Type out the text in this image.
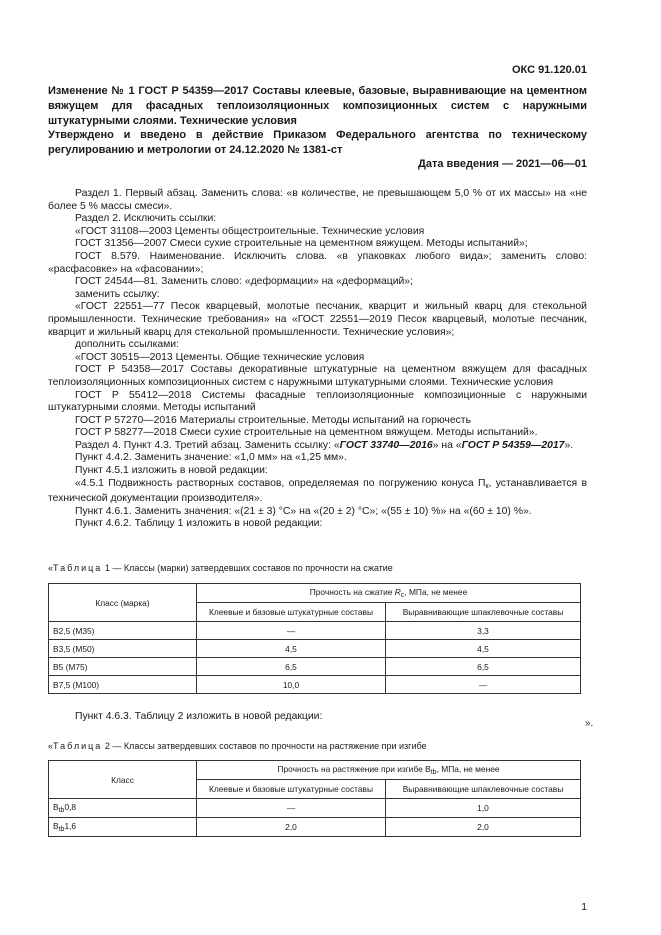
ОКС 91.120.01
Изменение № 1 ГОСТ Р 54359—2017 Составы клеевые, базовые, выравнивающие на цементном вяжущем для фасадных теплоизоляционных композиционных систем с наружными штукатурными слоями. Технические условия
Утверждено и введено в действие Приказом Федерального агентства по техническому регулированию и метрологии от 24.12.2020 № 1381-ст
Дата введения — 2021—06—01

Раздел 1. Первый абзац. Заменить слова: «в количестве, не превышающем 5,0 % от их массы» на «не более 5 % массы смеси».

Раздел 2. Исключить ссылки:

«ГОСТ 31108—2003 Цементы общестроительные. Технические условия

ГОСТ 31356—2007 Смеси сухие строительные на цементном вяжущем. Методы испытаний»;

ГОСТ 8.579. Наименование. Исключить слова. «в упаковках любого вида»; заменить слово: «расфасовке» на «фасовании»;

ГОСТ 24544—81. Заменить слово: «деформации» на «деформаций»;

заменить ссылку:

«ГОСТ 22551—77 Песок кварцевый, молотые песчаник, кварцит и жильный кварц для стекольной промышленности. Технические требования» на «ГОСТ 22551—2019 Песок кварцевый, молотые песчаник, кварцит и жильный кварц для стекольной промышленности. Технические условия»;

дополнить ссылками:

«ГОСТ 30515—2013 Цементы. Общие технические условия

ГОСТ Р 54358—2017 Составы декоративные штукатурные на цементном вяжущем для фасадных теплоизоляционных композиционных систем с наружными штукатурными слоями. Технические условия

ГОСТ Р 55412—2018 Системы фасадные теплоизоляционные композиционные с наружными штукатурными слоями. Методы испытаний

ГОСТ Р 57270—2016 Материалы строительные. Методы испытаний на горючесть

ГОСТ Р 58277—2018 Смеси сухие строительные на цементном вяжущем. Методы испытаний».

Раздел 4. Пункт 4.3. Третий абзац. Заменить ссылку: «ГОСТ 33740—2016» на «ГОСТ Р 54359—2017».

Пункт 4.4.2. Заменить значение: «1,0 мм» на «1,25 мм».

Пункт 4.5.1 изложить в новой редакции:

«4.5.1 Подвижность растворных составов, определяемая по погружению конуса $П_к$, устанавливается в технической документации производителя».

Пункт 4.6.1. Заменить значения: «(21 ± 3) °С» на «(20 ± 2) °С»; «(55 ± 10) %» на «(60 ± 10) %».

Пункт 4.6.2. Таблицу 1 изложить в новой редакции:

«Таблица 1 — Классы (марки) затвердевших составов по прочности на сжатие
Класс (марка)	Прочность на сжатие $R_c$, МПа, не менее	
	Клеевые и базовые штукатурные составы	Выравнивающие шпаклевочные составы
B2,5 (M35)	—	3,3
B3,5 (M50)	4,5	4,5
B5 (M75)	6,5	6,5
B7,5 (M100)	10,0	—
».
Пункт 4.6.3. Таблицу 2 изложить в новой редакции:
«Таблица 2 — Классы затвердевших составов по прочности на растяжение при изгибе
Класс	Прочность на растяжение при изгибе $B_{tb}$, МПа, не менее	
	Клеевые и базовые штукатурные составы	Выравнивающие шпаклевочные составы
$B_{tb}0,8$	—	1,0
$B_{tb}1,6$	2,0	2,0
1
